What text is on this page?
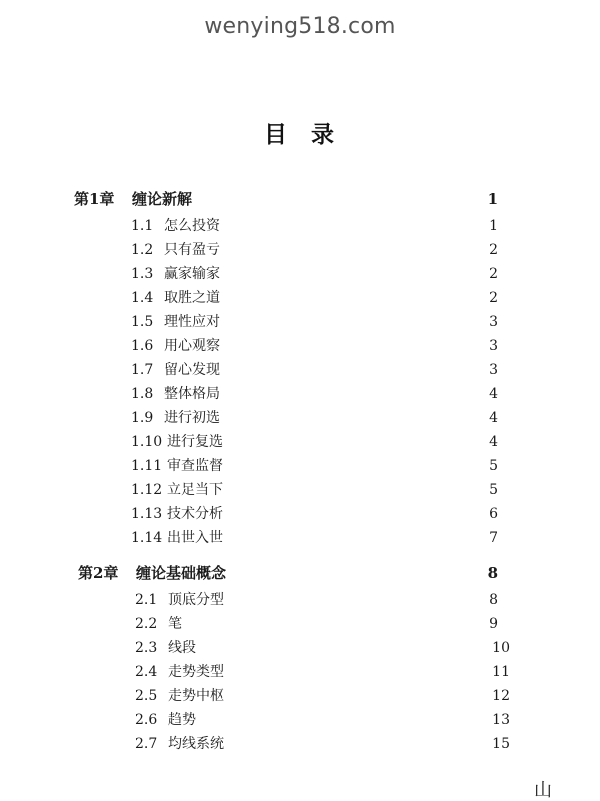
wenying518.com
目 录
第1章 缠论新解	1
1.1 怎么投资	1
1.2 只有盈亏	2
1.3 赢家输家	2
1.4 取胜之道	2
1.5 理性应对	3
1.6 用心观察	3
1.7 留心发现	3
1.8 整体格局	4
1.9 进行初选	4
1.10 进行复选	4
1.11 审查监督	5
1.12 立足当下	5
1.13 技术分析	6
1.14 出世入世	7
第2章 缠论基础概念	8
2.1 顶底分型	8
2.2 笔	9
2.3 线段	10
2.4 走势类型	11
2.5 走势中枢	12
2.6 趋势	13
2.7 均线系统	15
山
